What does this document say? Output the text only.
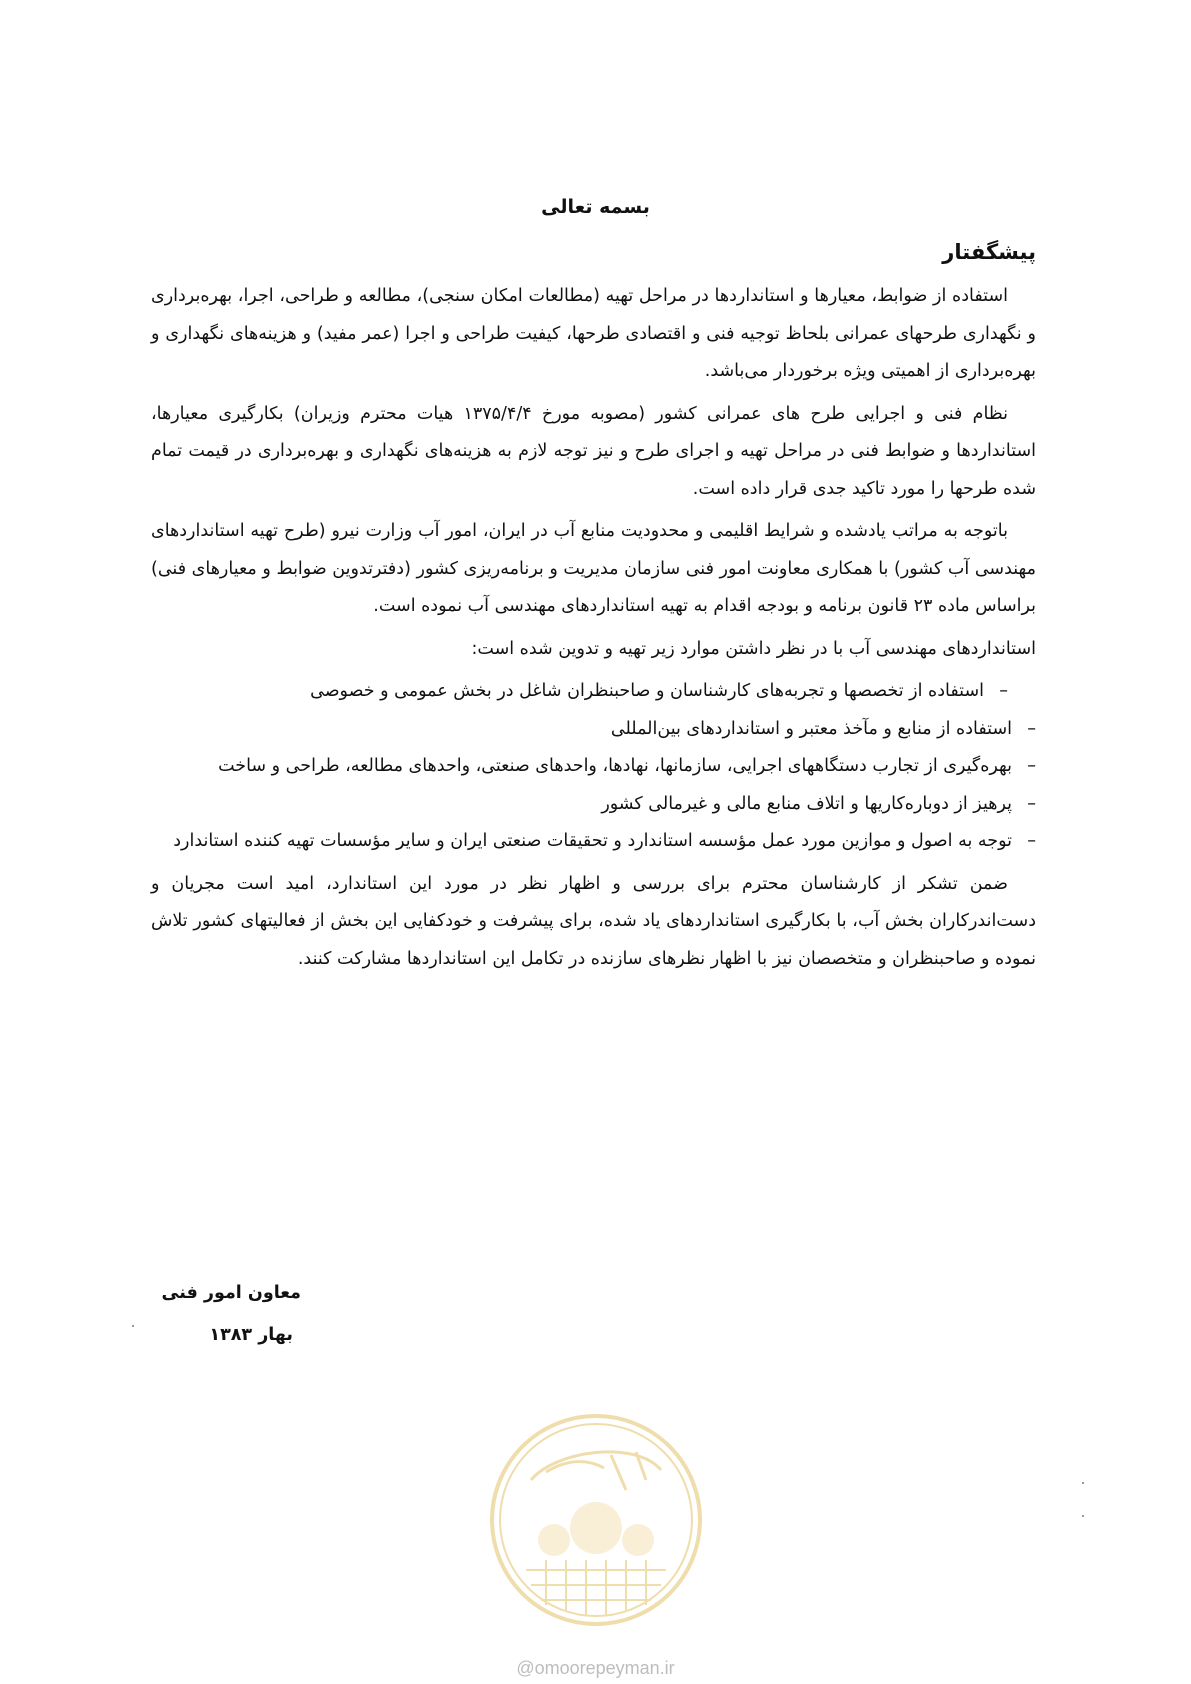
بسمه تعالی
پیشگفتار

استفاده از ضوابط، معیارها و استانداردها در مراحل تهیه (مطالعات امکان سنجی)، مطالعه و طراحی، اجرا، بهره‌برداری و نگهداری طرحهای عمرانی بلحاظ توجیه فنی و اقتصادی طرحها، کیفیت طراحی و اجرا (عمر مفید) و هزینه‌های نگهداری و بهره‌برداری از اهمیتی ویژه برخوردار می‌باشد.

نظام فنی و اجرایی طرح های عمرانی کشور (مصوبه مورخ ۱۳۷۵/۴/۴ هیات محترم وزیران) بکارگیری معیارها، استانداردها و ضوابط فنی در مراحل تهیه و اجرای طرح و نیز توجه لازم به هزینه‌های نگهداری و بهره‌برداری در قیمت تمام شده طرحها را مورد تاکید جدی قرار داده است.

باتوجه به مراتب یادشده و شرایط اقلیمی و محدودیت منابع آب در ایران، امور آب وزارت نیرو (طرح تهیه استانداردهای مهندسی آب کشور) با همکاری معاونت امور فنی سازمان مدیریت و برنامه‌ریزی کشور (دفترتدوین ضوابط و معیارهای فنی) براساس ماده ۲۳ قانون برنامه و بودجه اقدام به تهیه استانداردهای مهندسی آب نموده است.

استانداردهای مهندسی آب با در نظر داشتن موارد زیر تهیه و تدوین شده است:

– استفاده از تخصصها و تجربه‌های کارشناسان و صاحبنظران شاغل در بخش عمومی و خصوصی
– استفاده از منابع و مآخذ معتبر و استانداردهای بین‌المللی
– بهره‌گیری از تجارب دستگاههای اجرایی، سازمانها، نهادها، واحدهای صنعتی، واحدهای مطالعه، طراحی و ساخت
– پرهیز از دوباره‌کاریها و اتلاف منابع مالی و غیرمالی کشور
– توجه به اصول و موازین مورد عمل مؤسسه استاندارد و تحقیقات صنعتی ایران و سایر مؤسسات تهیه کننده استاندارد

ضمن تشکر از کارشناسان محترم برای بررسی و اظهار نظر در مورد این استاندارد، امید است مجریان و دست‌اندرکاران بخش آب، با بکارگیری استانداردهای یاد شده، برای پیشرفت و خودکفایی این بخش از فعالیتهای کشور تلاش نموده و صاحبنظران و متخصصان نیز با اظهار نظرهای سازنده در تکامل این استانداردها مشارکت کنند.

معاون امور فنی
بهار ۱۳۸۳
@omoorepeyman.ir
